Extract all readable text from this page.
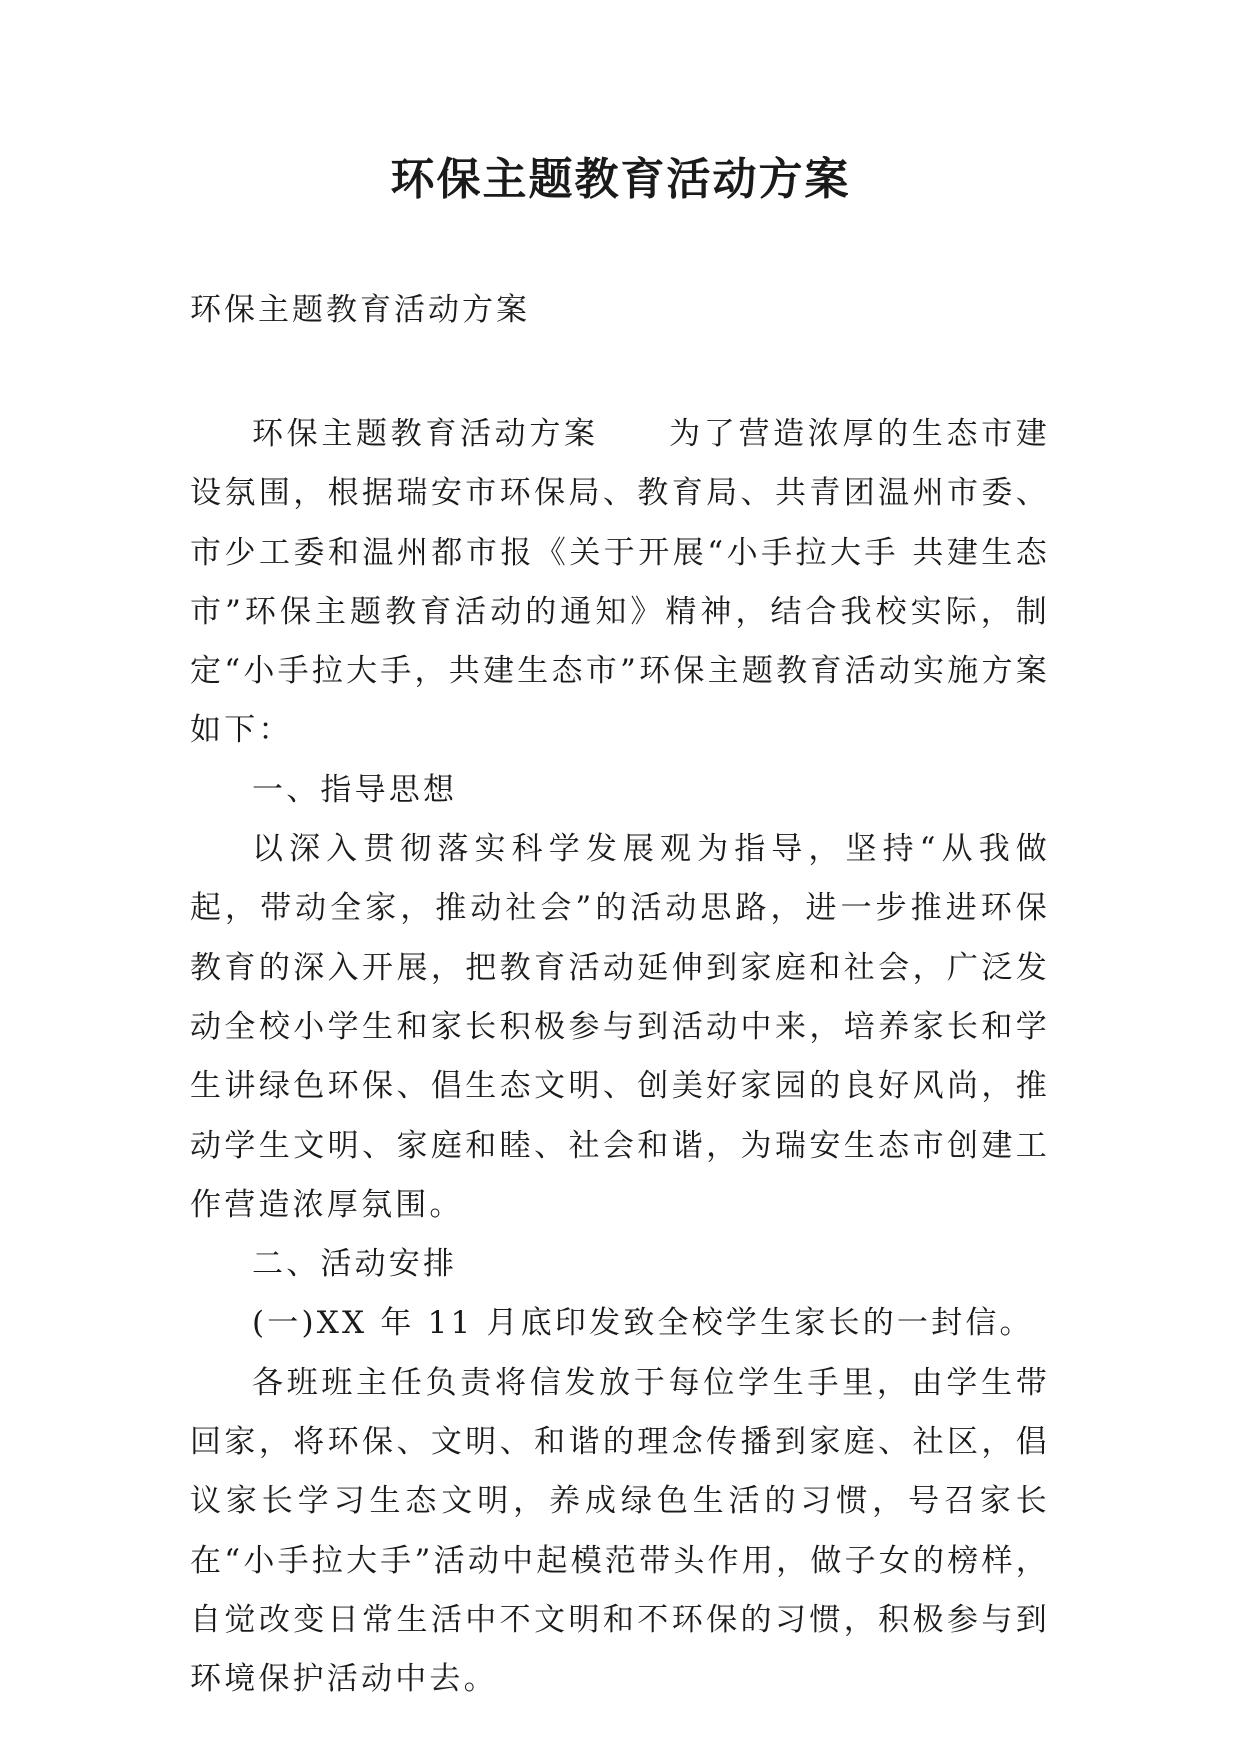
环保主题教育活动方案
环保主题教育活动方案

环保主题教育活动方案 为了营造浓厚的生态市建设氛围，根据瑞安市环保局、教育局、共青团温州市委、市少工委和温州都市报《关于开展“小手拉大手 共建生态市”环保主题教育活动的通知》精神，结合我校实际，制定“小手拉大手，共建生态市”环保主题教育活动实施方案如下：

一、指导思想

以深入贯彻落实科学发展观为指导，坚持“从我做起，带动全家，推动社会”的活动思路，进一步推进环保教育的深入开展，把教育活动延伸到家庭和社会，广泛发动全校小学生和家长积极参与到活动中来，培养家长和学生讲绿色环保、倡生态文明、创美好家园的良好风尚，推动学生文明、家庭和睦、社会和谐，为瑞安生态市创建工作营造浓厚氛围。

二、活动安排

(一)XX 年 11 月底印发致全校学生家长的一封信。

各班班主任负责将信发放于每位学生手里，由学生带回家，将环保、文明、和谐的理念传播到家庭、社区，倡议家长学习生态文明，养成绿色生活的习惯，号召家长在“小手拉大手”活动中起模范带头作用，做子女的榜样，自觉改变日常生活中不文明和不环保的习惯，积极参与到环境保护活动中去。
